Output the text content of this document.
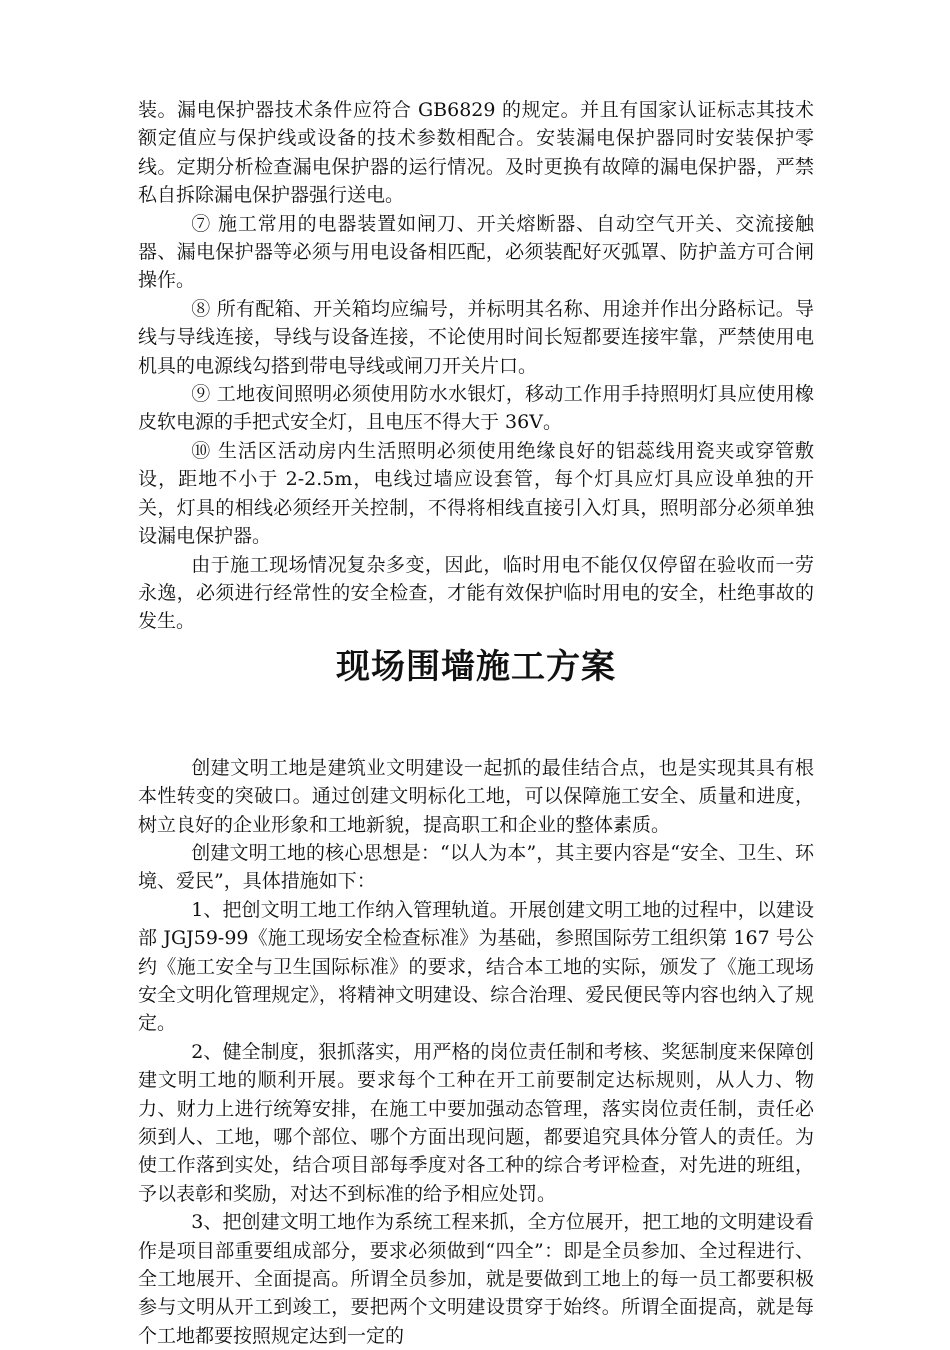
装。漏电保护器技术条件应符合 GB6829 的规定。并且有国家认证标志其技术额定值应与保护线或设备的技术参数相配合。安装漏电保护器同时安装保护零线。定期分析检查漏电保护器的运行情况。及时更换有故障的漏电保护器，严禁私自拆除漏电保护器强行送电。

⑦ 施工常用的电器装置如闸刀、开关熔断器、自动空气开关、交流接触器、漏电保护器等必须与用电设备相匹配，必须装配好灭弧罩、防护盖方可合闸操作。

⑧ 所有配箱、开关箱均应编号，并标明其名称、用途并作出分路标记。导线与导线连接，导线与设备连接，不论使用时间长短都要连接牢靠，严禁使用电机具的电源线勾搭到带电导线或闸刀开关片口。

⑨ 工地夜间照明必须使用防水水银灯，移动工作用手持照明灯具应使用橡皮软电源的手把式安全灯，且电压不得大于 36V。

⑩ 生活区活动房内生活照明必须使用绝缘良好的铝蕊线用瓷夹或穿管敷设，距地不小于 2-2.5m，电线过墙应设套管，每个灯具应灯具应设单独的开关，灯具的相线必须经开关控制，不得将相线直接引入灯具，照明部分必须单独设漏电保护器。

由于施工现场情况复杂多变，因此，临时用电不能仅仅停留在验收而一劳永逸，必须进行经常性的安全检查，才能有效保护临时用电的安全，杜绝事故的发生。

现场围墙施工方案

创建文明工地是建筑业文明建设一起抓的最佳结合点，也是实现其具有根本性转变的突破口。通过创建文明标化工地，可以保障施工安全、质量和进度，树立良好的企业形象和工地新貌，提高职工和企业的整体素质。

创建文明工地的核心思想是：“以人为本”，其主要内容是“安全、卫生、环境、爱民”，具体措施如下：

1、把创文明工地工作纳入管理轨道。开展创建文明工地的过程中，以建设部 JGJ59-99《施工现场安全检查标准》为基础，参照国际劳工组织第 167 号公约《施工安全与卫生国际标准》的要求，结合本工地的实际，颁发了《施工现场安全文明化管理规定》，将精神文明建设、综合治理、爱民便民等内容也纳入了规定。

2、健全制度，狠抓落实，用严格的岗位责任制和考核、奖惩制度来保障创建文明工地的顺利开展。要求每个工种在开工前要制定达标规则，从人力、物力、财力上进行统筹安排，在施工中要加强动态管理，落实岗位责任制，责任必须到人、工地，哪个部位、哪个方面出现问题，都要追究具体分管人的责任。为使工作落到实处，结合项目部每季度对各工种的综合考评检查，对先进的班组，予以表彰和奖励，对达不到标准的给予相应处罚。

3、把创建文明工地作为系统工程来抓，全方位展开，把工地的文明建设看作是项目部重要组成部分，要求必须做到“四全”：即是全员参加、全过程进行、全工地展开、全面提高。所谓全员参加，就是要做到工地上的每一员工都要积极参与文明从开工到竣工，要把两个文明建设贯穿于始终。所谓全面提高，就是每个工地都要按照规定达到一定的
